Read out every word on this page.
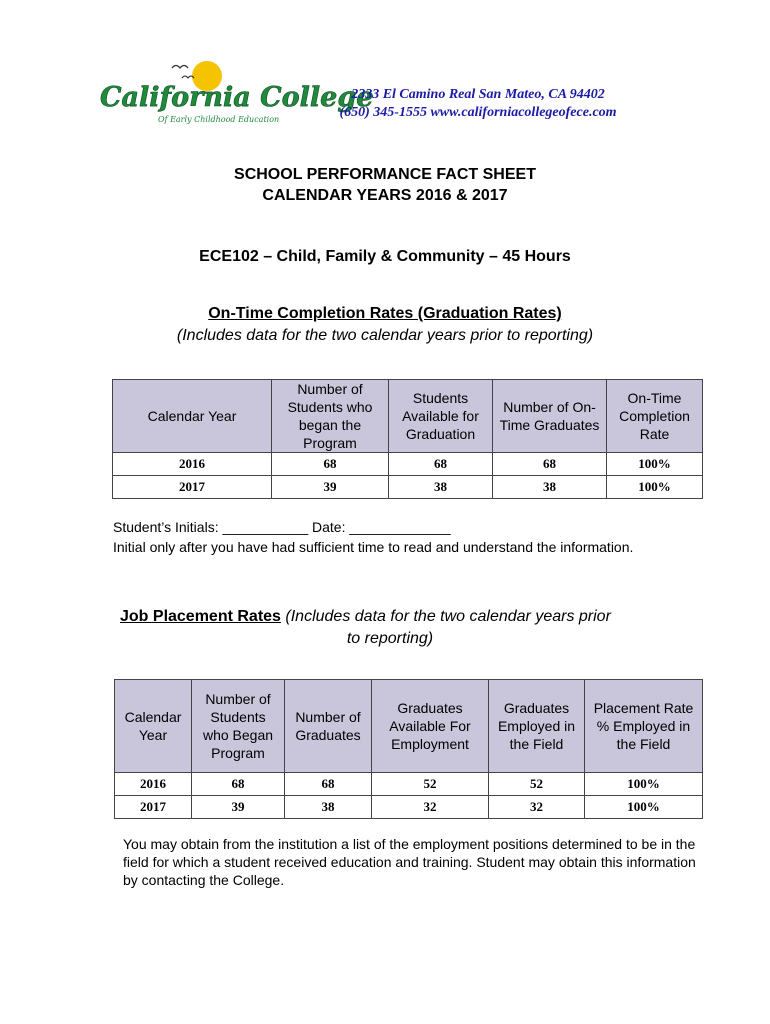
California College
Of Early Childhood Education
2333 El Camino Real San Mateo, CA 94402
(650) 345-1555 www.californiacollegeofece.com
SCHOOL PERFORMANCE FACT SHEET
CALENDAR YEARS 2016 & 2017
ECE102 – Child, Family & Community – 45 Hours
On-Time Completion Rates (Graduation Rates)
(Includes data for the two calendar years prior to reporting)
Calendar Year	Number of Students who began the Program	Students Available for Graduation	Number of On-Time Graduates	On-Time Completion Rate
2016	68	68	68	100%
2017	39	38	38	100%
Student’s Initials: ___________ Date: _____________
Initial only after you have had sufficient time to read and understand the information.
Job Placement Rates (Includes data for the two calendar years prior
to reporting)
Calendar Year	Number of Students who Began Program	Number of Graduates	Graduates Available For Employment	Graduates Employed in the Field	Placement Rate % Employed in the Field
2016	68	68	52	52	100%
2017	39	38	32	32	100%
You may obtain from the institution a list of the employment positions determined to be in the field for which a student received education and training. Student may obtain this information by contacting the College.
